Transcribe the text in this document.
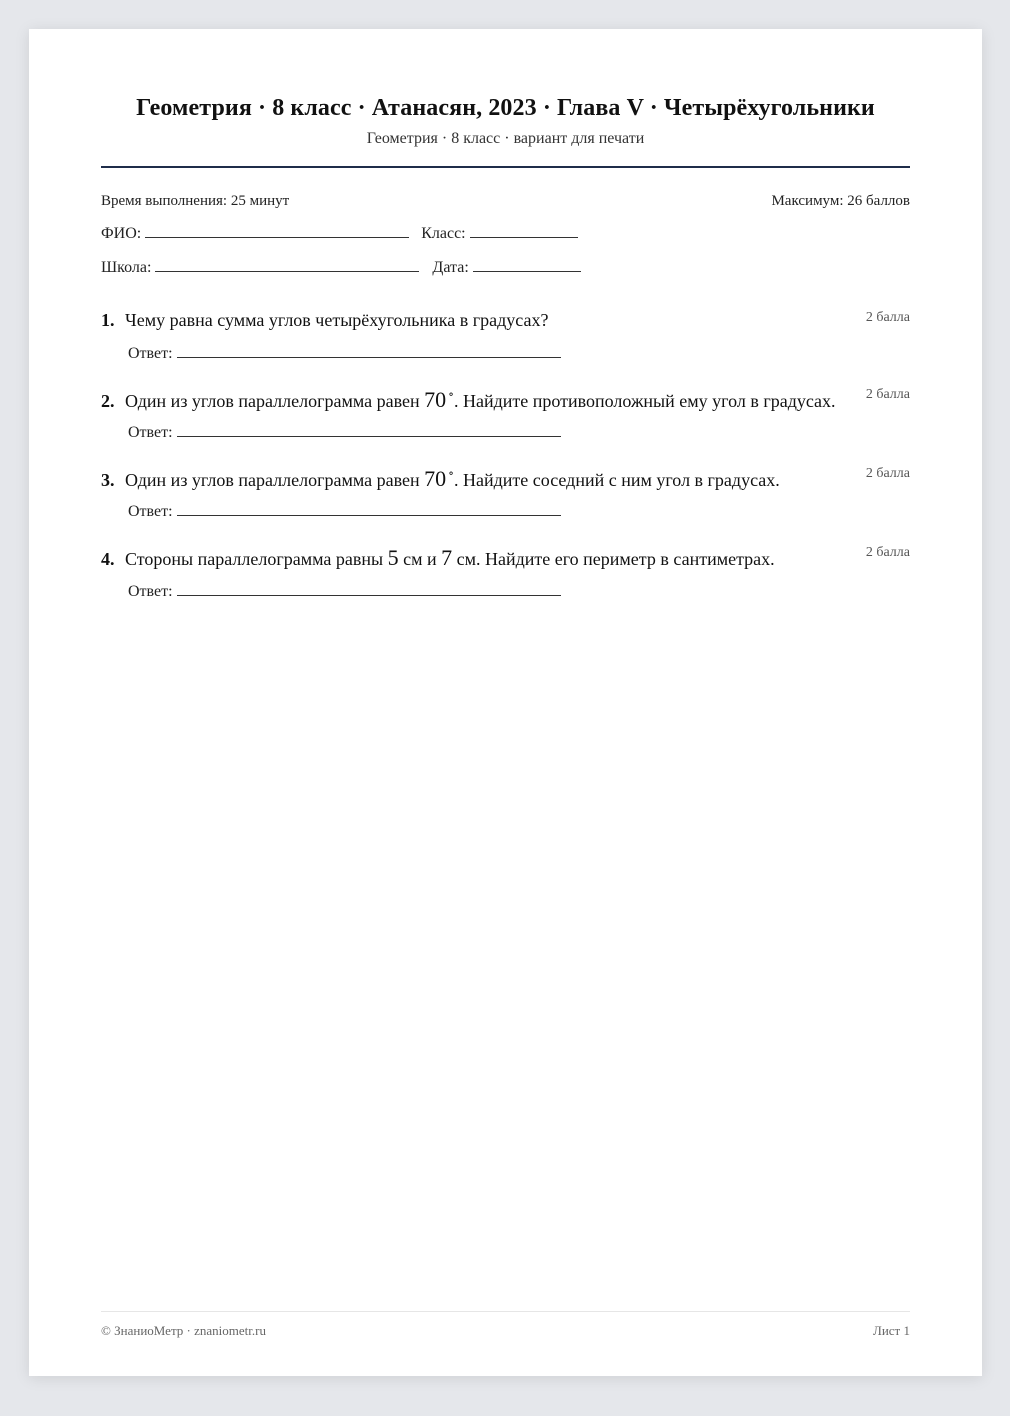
Геометрия · 8 класс · Атанасян, 2023 · Глава V · Четырёхугольники
Геометрия · 8 класс · вариант для печати
Время выполнения: 25 минут	Максимум: 26 баллов
ФИО:	Класс:
Школа:	Дата:
1. Чему равна сумма углов четырёхугольника в градусах?	2 балла
Ответ:
2. Один из углов параллелограмма равен 70 ∘. Найдите противоположный ему угол в градусах.	2 балла
Ответ:
3. Один из углов параллелограмма равен 70 ∘. Найдите соседний с ним угол в градусах.	2 балла
Ответ:
4. Стороны параллелограмма равны 5 см и 7 см. Найдите его периметр в сантиметрах.	2 балла
Ответ:
© ЗнаниоМетр · znaniometr.ru	Лист 1
